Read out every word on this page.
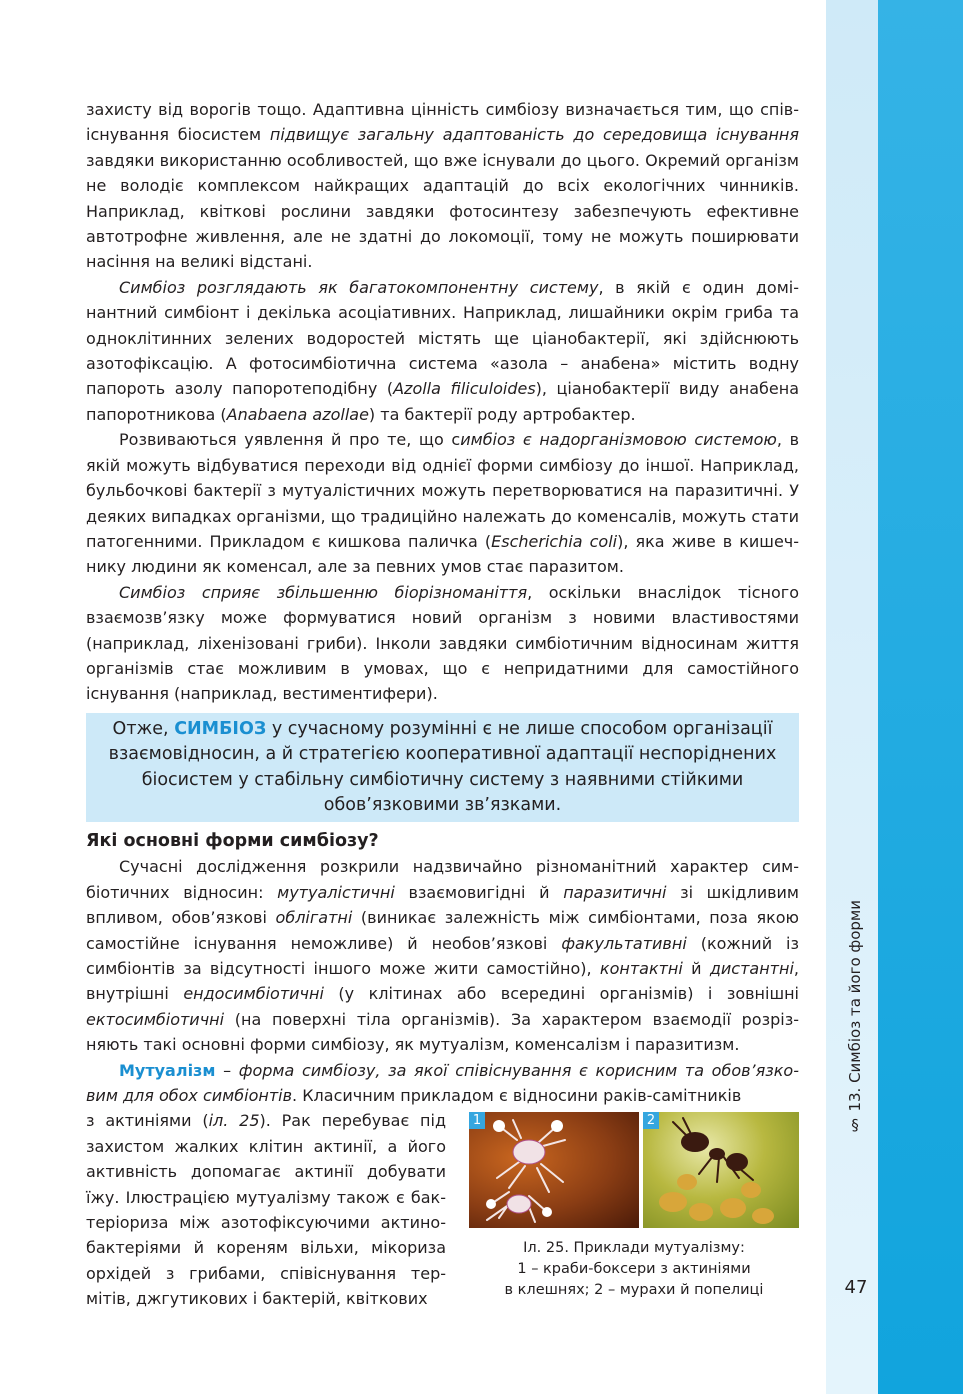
§ 13. Симбіоз та його форми
47

захисту від ворогів тощо. Адаптивна цінність симбіозу визначається тим, що співіснування біосистем підвищує загальну адаптованість до середовища існування завдяки використанню особливостей, що вже існували до цього. Окремий організм не володіє комплексом найкращих адаптацій до всіх екологічних чинників. Наприклад, квіткові рослини завдяки фотосинтезу забезпечують ефективне автотрофне живлення, але не здатні до локомоції, тому не можуть поширювати насіння на великі відстані.

Симбіоз розглядають як багатокомпонентну систему, в якій є один домінантний симбіонт і декілька асоціативних. Наприклад, лишайники окрім гриба та одноклітинних зелених водоростей містять ще ціанобактерії, які здійснюють азотофіксацію. А фотосимбіотична система «азола – анабена» містить водну папороть азолу папоротеподібну (Azolla filiculoides), ціанобактерії виду анабена папоротникова (Anabaena azollae) та бактерії роду артробактер.

Розвиваються уявлення й про те, що симбіоз є надорганізмовою системою, в якій можуть відбуватися переходи від однієї форми симбіозу до іншої. Наприклад, бульбочкові бактерії з мутуалістичних можуть перетворюватися на паразитичні. У деяких випадках організми, що традиційно належать до коменсалів, можуть стати патогенними. Прикладом є кишкова паличка (Escherichia coli), яка живе в кишечнику людини як коменсал, але за певних умов стає паразитом.

Симбіоз сприяє збільшенню біорізноманіття, оскільки внаслідок тісного взаємозв’язку може формуватися новий організм з новими властивостями (наприклад, ліхенізовані гриби). Інколи завдяки симбіотичним відносинам життя організмів стає можливим в умовах, що є непридатними для самостійного існування (наприклад, вестиментифери).

Отже, СИМБІОЗ у сучасному розумінні є не лише способом організації взаємовідносин, а й стратегією кооперативної адаптації неспоріднених біосистем у стабільну симбіотичну систему з наявними стійкими обов’язковими зв’язками.
Які основні форми симбіозу?

Сучасні дослідження розкрили надзвичайно різноманітний характер симбіотичних відносин: мутуалістичні взаємовигідні й паразитичні зі шкідливим впливом, обов’язкові облігатні (виникає залежність між симбіонтами, поза якою самостійне існування неможливе) й необов’язкові факультативні (кожний із симбіонтів за відсутності іншого може жити самостійно), контактні й дистантні, внутрішні ендосимбіотичні (у клітинах або всередині організмів) і зовнішні ектосимбіотичні (на поверхні тіла організмів). За характером взаємодії розрізняють такі основні форми симбіозу, як мутуалізм, коменсалізм і паразитизм.

Мутуалізм – форма симбіозу, за якої співіснування є корисним та обов’язковим для обох симбіонтів. Класичним прикладом є відносини раків-самітників

з актиніями (іл. 25). Рак перебуває під захистом жалких клітин актинії, а його активність допомагає актинії добувати їжу. Ілюстрацією мутуалізму також є бактеріориза між азотофіксуючими актинобактеріями й кореням вільхи, мікориза орхідей з грибами, співіснування термітів, джгутикових і бактерій, квіткових

1	2
Іл. 25. Приклади мутуалізму:
1 – краби-боксери з актиніями
в клешнях; 2 – мурахи й попелиці
